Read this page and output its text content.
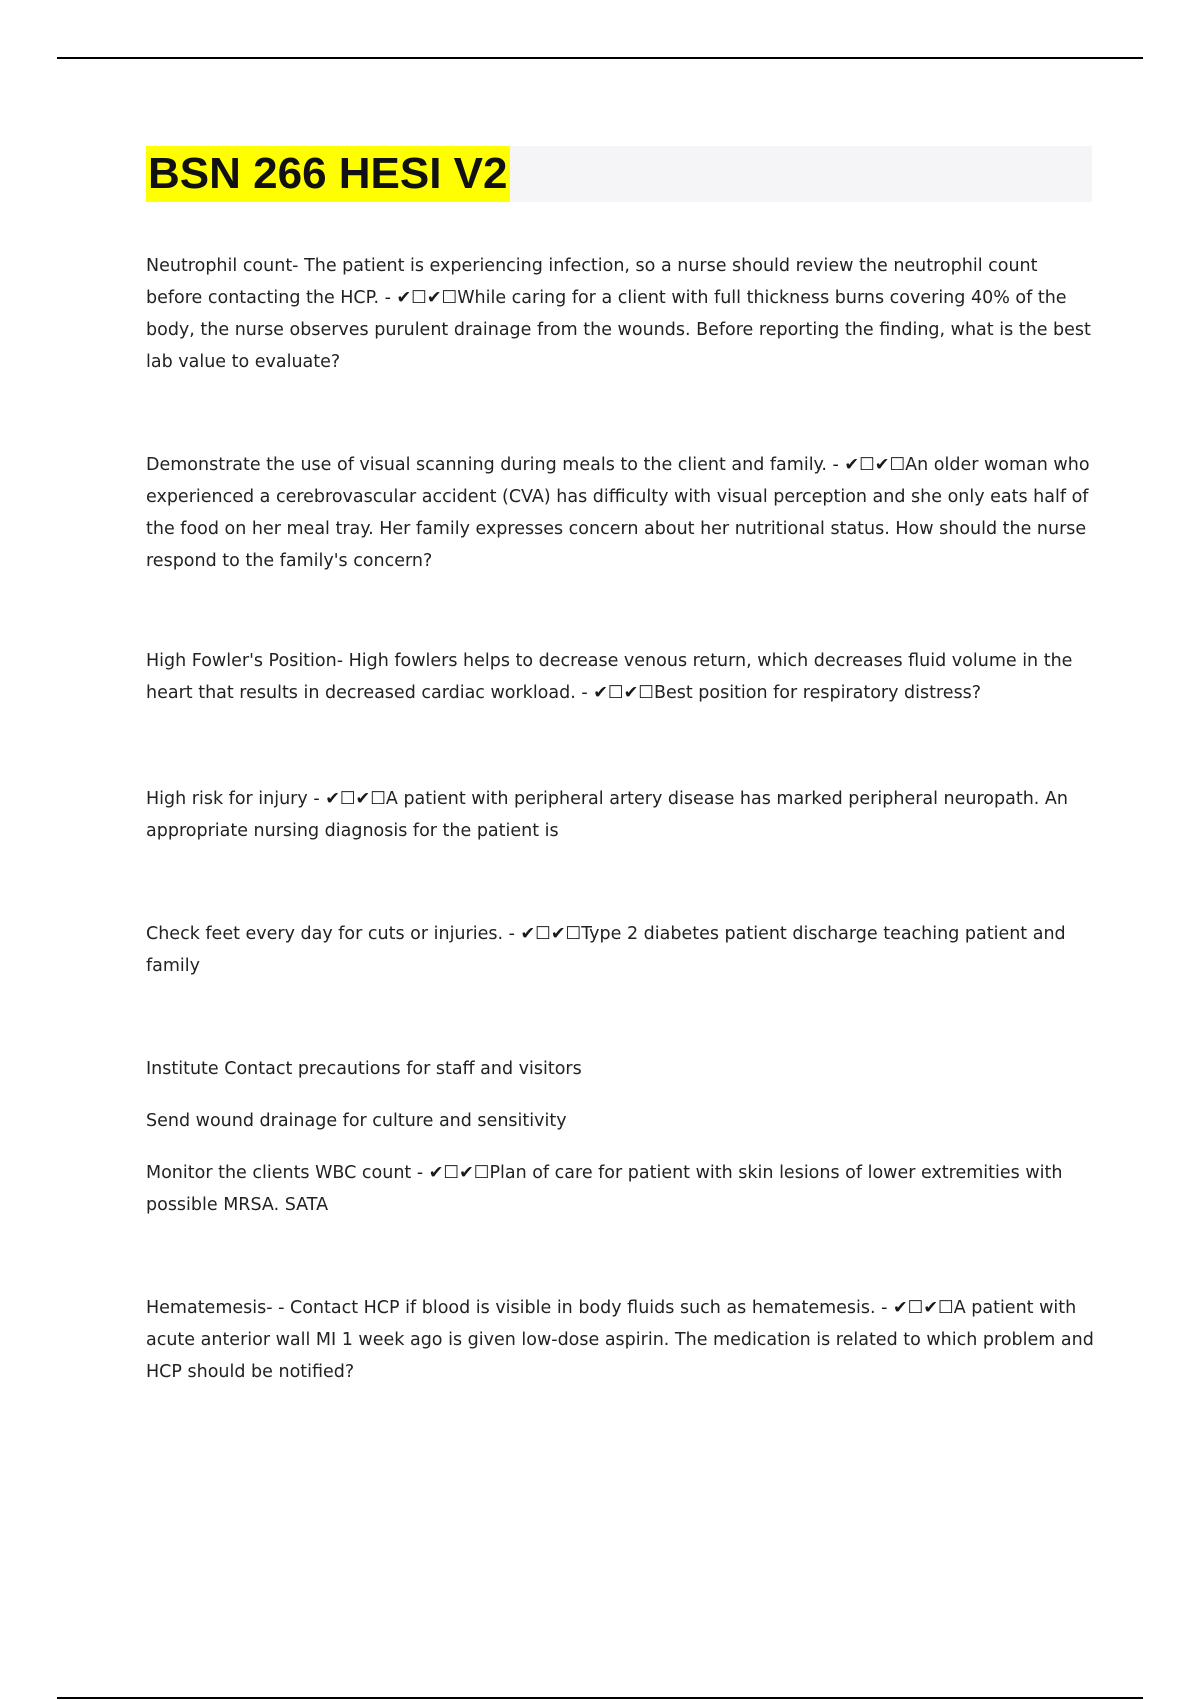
BSN 266 HESI V2
Neutrophil count- The patient is experiencing infection, so a nurse should review the neutrophil count before contacting the HCP. - ✔︎☐✔︎☐While caring for a client with full thickness burns covering 40% of the body, the nurse observes purulent drainage from the wounds. Before reporting the finding, what is the best lab value to evaluate?
Demonstrate the use of visual scanning during meals to the client and family. - ✔︎☐✔︎☐An older woman who experienced a cerebrovascular accident (CVA) has difficulty with visual perception and she only eats half of the food on her meal tray. Her family expresses concern about her nutritional status. How should the nurse respond to the family's concern?
High Fowler's Position- High fowlers helps to decrease venous return, which decreases fluid volume in the heart that results in decreased cardiac workload. - ✔︎☐✔︎☐Best position for respiratory distress?
High risk for injury - ✔︎☐✔︎☐A patient with peripheral artery disease has marked peripheral neuropath. An appropriate nursing diagnosis for the patient is
Check feet every day for cuts or injuries. - ✔︎☐✔︎☐Type 2 diabetes patient discharge teaching patient and family
Institute Contact precautions for staff and visitors
Send wound drainage for culture and sensitivity
Monitor the clients WBC count - ✔︎☐✔︎☐Plan of care for patient with skin lesions of lower extremities with possible MRSA. SATA
Hematemesis- - Contact HCP if blood is visible in body fluids such as hematemesis. - ✔︎☐✔︎☐A patient with acute anterior wall MI 1 week ago is given low-dose aspirin. The medication is related to which problem and HCP should be notified?
